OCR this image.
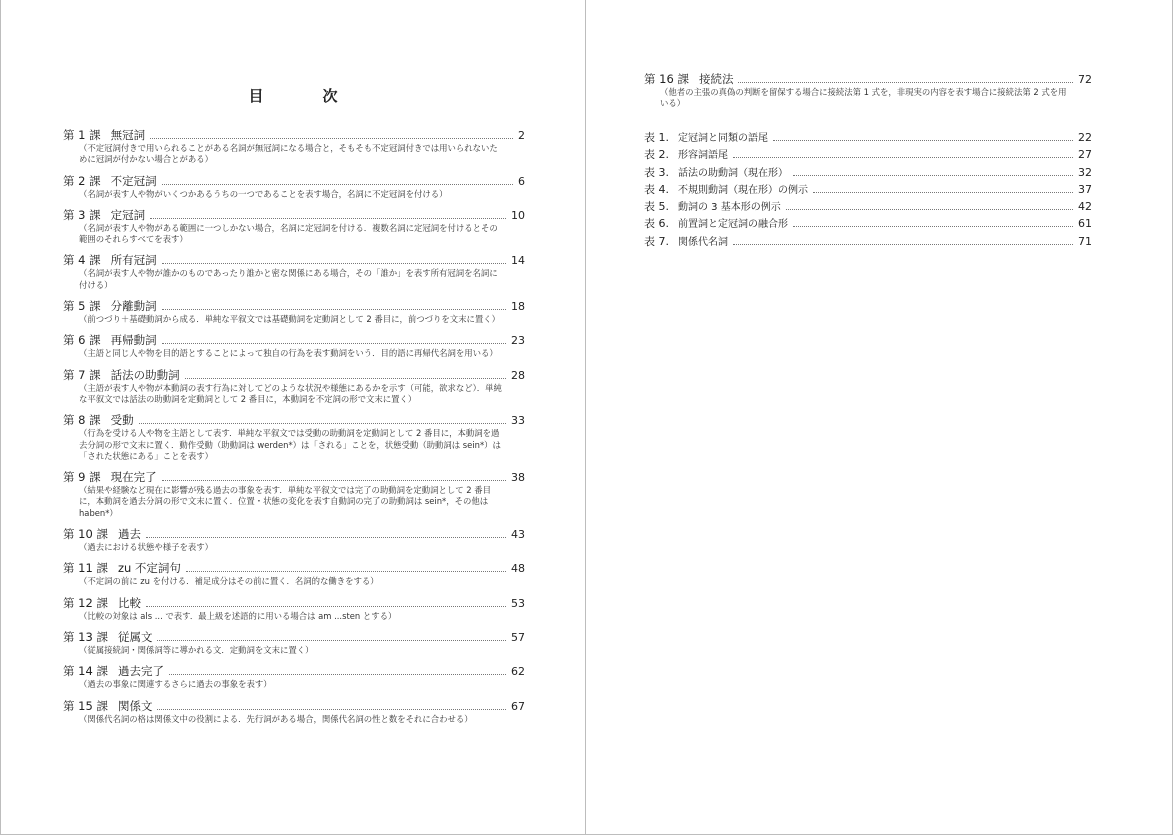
目　次
第 1 課 無冠詞	2
（不定冠詞付きで用いられることがある名詞が無冠詞になる場合と，そもそも不定冠詞付きでは用いられないために冠詞が付かない場合とがある）
第 2 課 不定冠詞	6
（名詞が表す人や物がいくつかあるうちの一つであることを表す場合，名詞に不定冠詞を付ける）
第 3 課 定冠詞	10
（名詞が表す人や物がある範囲に一つしかない場合，名詞に定冠詞を付ける．複数名詞に定冠詞を付けるとその範囲のそれらすべてを表す）
第 4 課 所有冠詞	14
（名詞が表す人や物が誰かのものであったり誰かと密な関係にある場合，その「誰か」を表す所有冠詞を名詞に付ける）
第 5 課 分離動詞	18
（前つづり＋基礎動詞から成る．単純な平叙文では基礎動詞を定動詞として 2 番目に，前つづりを文末に置く）
第 6 課 再帰動詞	23
（主語と同じ人や物を目的語とすることによって独自の行為を表す動詞をいう．目的語に再帰代名詞を用いる）
第 7 課 話法の助動詞	28
（主語が表す人や物が本動詞の表す行為に対してどのような状況や様態にあるかを示す（可能，欲求など）．単純な平叙文では話法の助動詞を定動詞として 2 番目に，本動詞を不定詞の形で文末に置く）
第 8 課 受動	33
（行為を受ける人や物を主語として表す．単純な平叙文では受動の助動詞を定動詞として 2 番目に，本動詞を過去分詞の形で文末に置く．動作受動（助動詞は werden*）は「される」ことを，状態受動（助動詞は sein*）は「された状態にある」ことを表す）
第 9 課 現在完了	38
（結果や経験など現在に影響が残る過去の事象を表す．単純な平叙文では完了の助動詞を定動詞として 2 番目に，本動詞を過去分詞の形で文末に置く．位置・状態の変化を表す自動詞の完了の助動詞は sein*，その他は haben*）
第 10 課 過去	43
（過去における状態や様子を表す）
第 11 課 zu 不定詞句	48
（不定詞の前に zu を付ける．補足成分はその前に置く．名詞的な働きをする）
第 12 課 比較	53
（比較の対象は als ... で表す．最上級を述語的に用いる場合は am ...sten とする）
第 13 課 従属文	57
（従属接続詞・関係詞等に導かれる文．定動詞を文末に置く）
第 14 課 過去完了	62
（過去の事象に関連するさらに過去の事象を表す）
第 15 課 関係文	67
（関係代名詞の格は関係文中の役割による．先行詞がある場合，関係代名詞の性と数をそれに合わせる）
第 16 課 接続法	72
（他者の主張の真偽の判断を留保する場合に接続法第 1 式を，非現実の内容を表す場合に接続法第 2 式を用いる）
表 1. 定冠詞と同類の語尾	22
表 2. 形容詞語尾	27
表 3. 話法の助動詞（現在形）	32
表 4. 不規則動詞（現在形）の例示	37
表 5. 動詞の 3 基本形の例示	42
表 6. 前置詞と定冠詞の融合形	61
表 7. 関係代名詞	71
